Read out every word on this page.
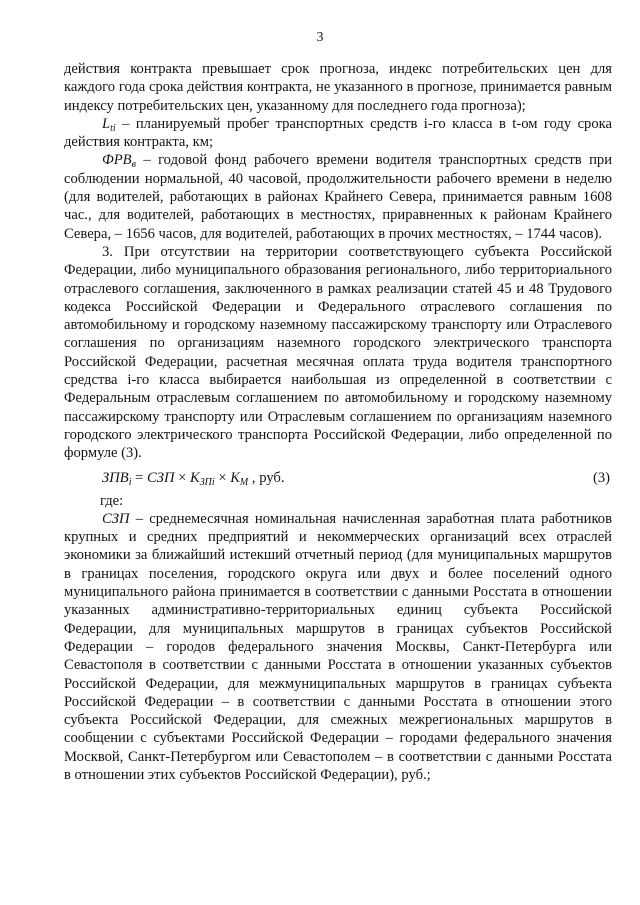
3

действия контракта превышает срок прогноза, индекс потребительских цен для каждого года срока действия контракта, не указанного в прогнозе, принимается равным индексу потребительских цен, указанному для последнего года прогноза);

$L_{ti}$ – планируемый пробег транспортных средств i-го класса в t-ом году срока действия контракта, км;

$ФРВ_в$ – годовой фонд рабочего времени водителя транспортных средств при соблюдении нормальной, 40 часовой, продолжительности рабочего времени в неделю (для водителей, работающих в районах Крайнего Севера, принимается равным 1608 час., для водителей, работающих в местностях, приравненных к районам Крайнего Севера, – 1656 часов, для водителей, работающих в прочих местностях, – 1744 часов).

3. При отсутствии на территории соответствующего субъекта Российской Федерации, либо муниципального образования регионального, либо территориального отраслевого соглашения, заключенного в рамках реализации статей 45 и 48 Трудового кодекса Российской Федерации и Федерального отраслевого соглашения по автомобильному и городскому наземному пассажирскому транспорту или Отраслевого соглашения по организациям наземного городского электрического транспорта Российской Федерации, расчетная месячная оплата труда водителя транспортного средства i-го класса выбирается наибольшая из определенной в соответствии с Федеральным отраслевым соглашением по автомобильному и городскому наземному пассажирскому транспорту или Отраслевым соглашением по организациям наземного городского электрического транспорта Российской Федерации, либо определенной по формуле (3).

$ЗПВ_i$ = СЗП × $К_{ЗПi} \times К_М$ , руб.	(3)

где:

СЗП – среднемесячная номинальная начисленная заработная плата работников крупных и средних предприятий и некоммерческих организаций всех отраслей экономики за ближайший истекший отчетный период (для муниципальных маршрутов в границах поселения, городского округа или двух и более поселений одного муниципального района принимается в соответствии с данными Росстата в отношении указанных административно-территориальных единиц субъекта Российской Федерации, для муниципальных маршрутов в границах субъектов Российской Федерации – городов федерального значения Москвы, Санкт-Петербурга или Севастополя в соответствии с данными Росстата в отношении указанных субъектов Российской Федерации, для межмуниципальных маршрутов в границах субъекта Российской Федерации – в соответствии с данными Росстата в отношении этого субъекта Российской Федерации, для смежных межрегиональных маршрутов в сообщении с субъектами Российской Федерации – городами федерального значения Москвой, Санкт-Петербургом или Севастополем – в соответствии с данными Росстата в отношении этих субъектов Российской Федерации), руб.;
